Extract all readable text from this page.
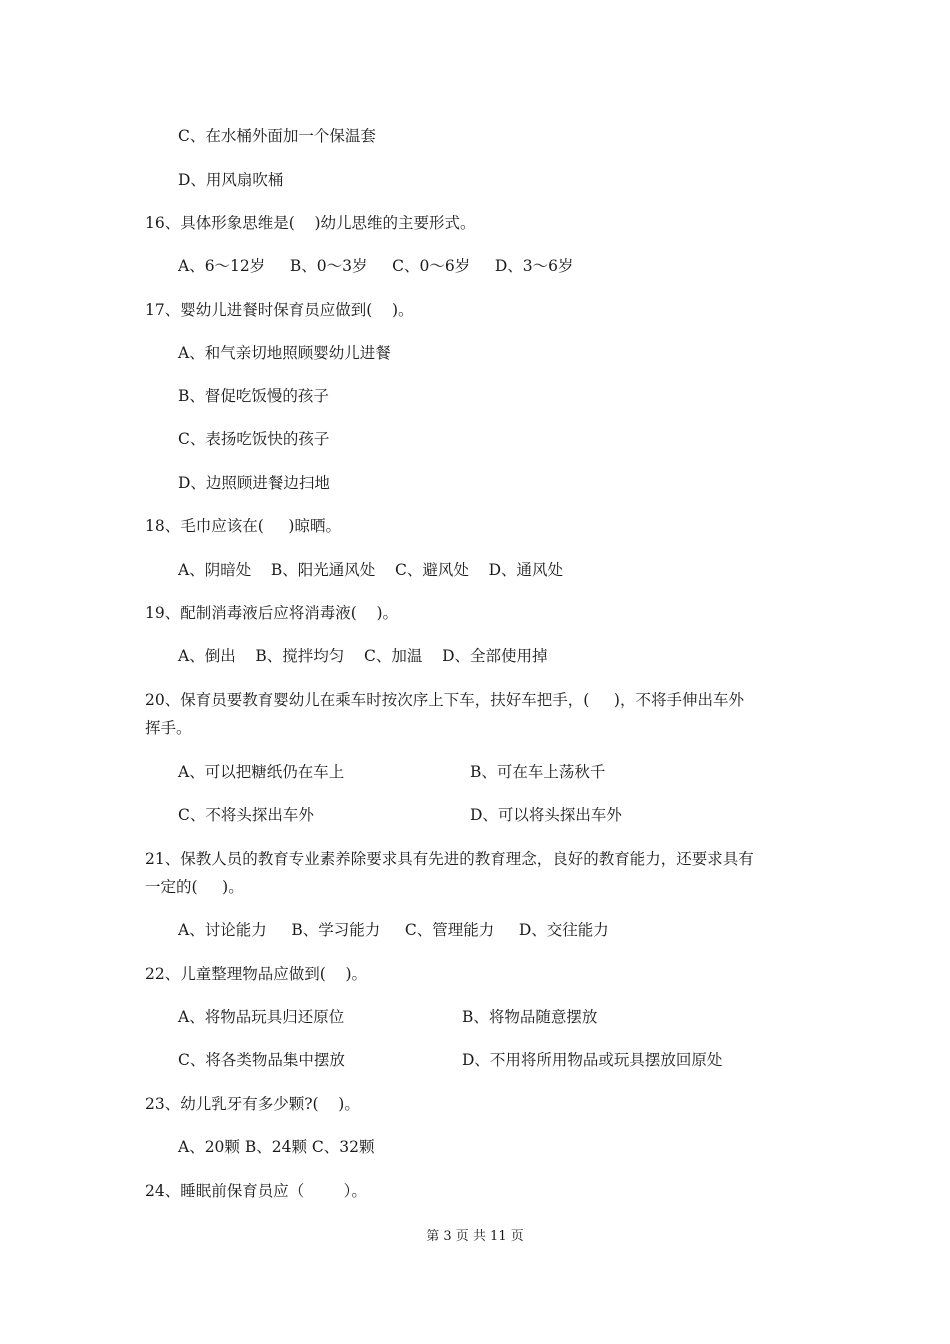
C、在水桶外面加一个保温套
D、用风扇吹桶
16、具体形象思维是(    )幼儿思维的主要形式。
A、6～12岁     B、0～3岁     C、0～6岁     D、3～6岁
17、婴幼儿进餐时保育员应做到(    )。
A、和气亲切地照顾婴幼儿进餐
B、督促吃饭慢的孩子
C、表扬吃饭快的孩子
D、边照顾进餐边扫地
18、毛巾应该在(     )晾晒。
A、阴暗处    B、阳光通风处    C、避风处    D、通风处
19、配制消毒液后应将消毒液(    )。
A、倒出    B、搅拌均匀    C、加温    D、全部使用掉
20、保育员要教育婴幼儿在乘车时按次序上下车，扶好车把手，(     )，不将手伸出车外
挥手。
A、可以把糖纸仍在车上	B、可在车上荡秋千
C、不将头探出车外	D、可以将头探出车外
21、保教人员的教育专业素养除要求具有先进的教育理念，良好的教育能力，还要求具有
一定的(     )。
A、讨论能力     B、学习能力     C、管理能力     D、交往能力
22、儿童整理物品应做到(    )。
A、将物品玩具归还原位	B、将物品随意摆放
C、将各类物品集中摆放	D、不用将所用物品或玩具摆放回原处
23、幼儿乳牙有多少颗?(    )。
A、20颗 B、24颗 C、32颗
24、睡眠前保育员应（        ）。
第 3 页 共 11 页
